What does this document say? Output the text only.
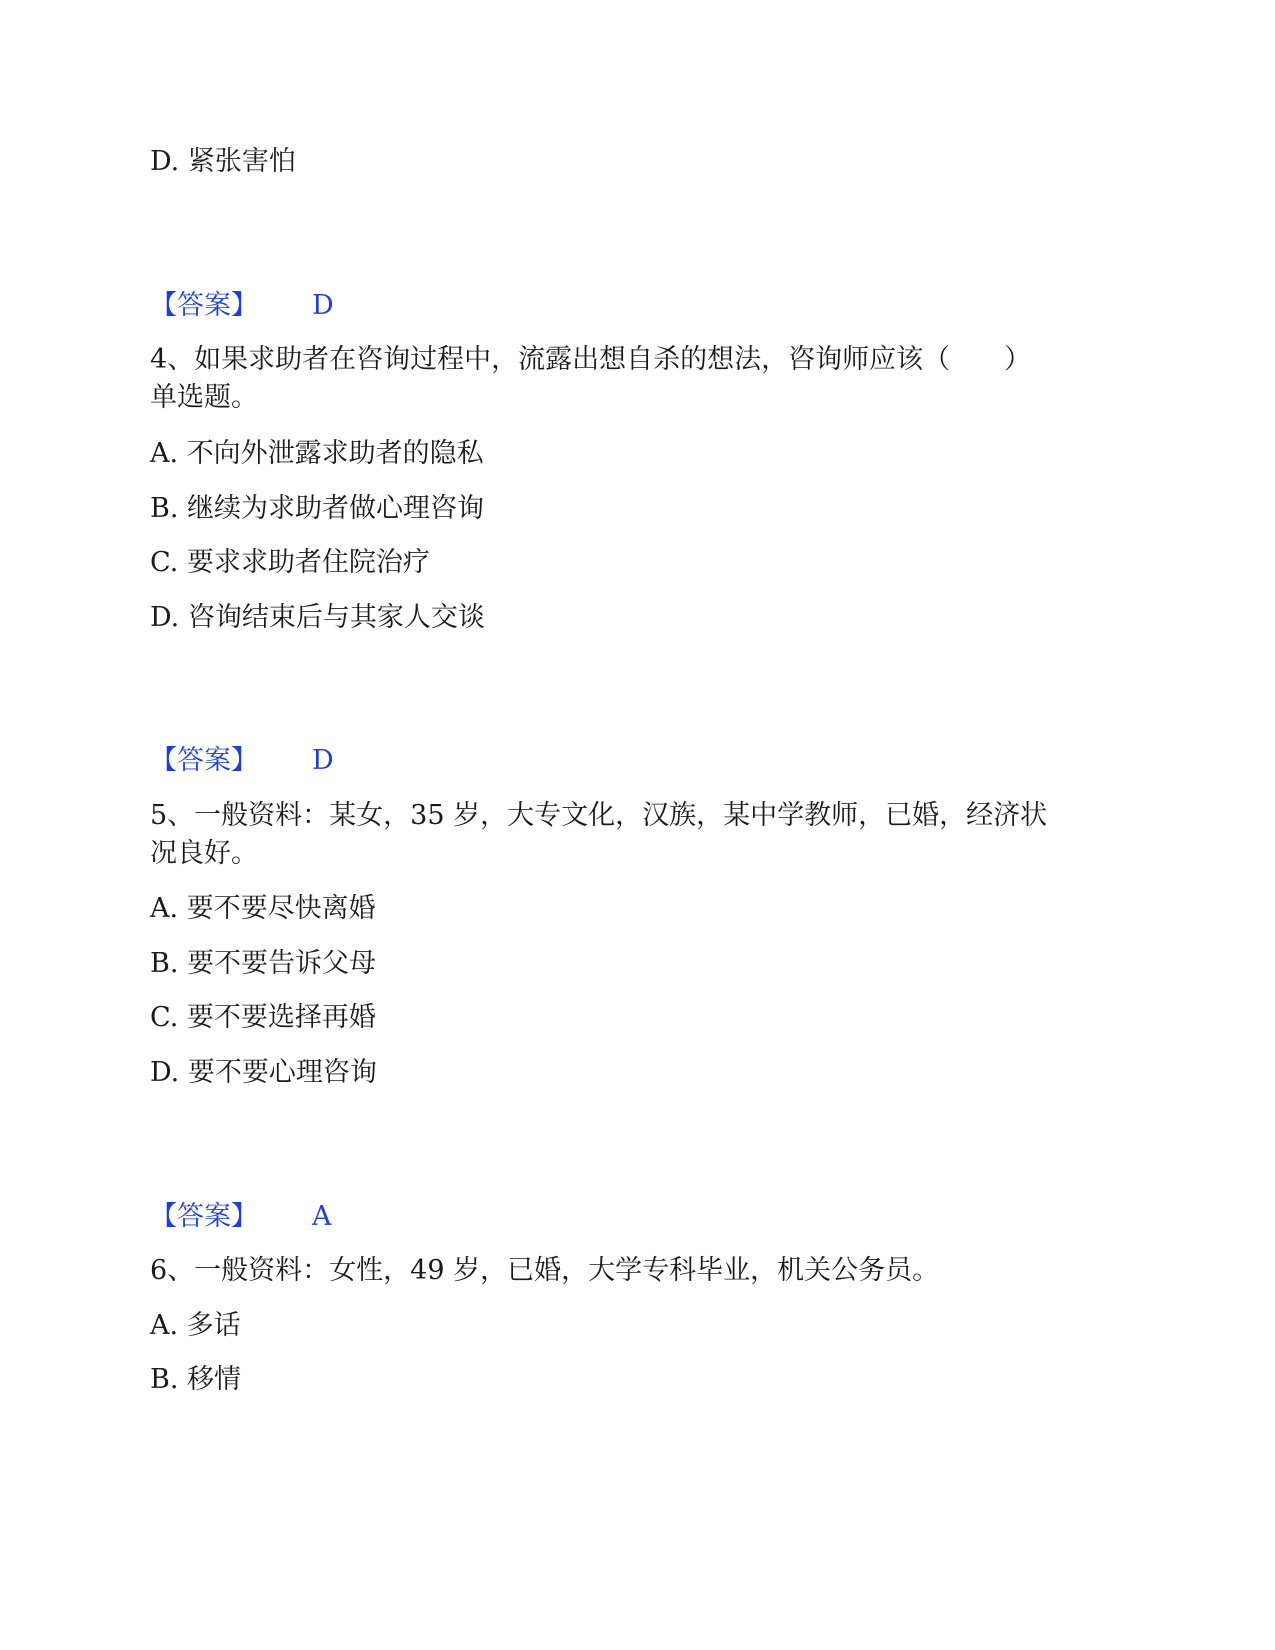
D. 紧张害怕
【答案】 D
4、如果求助者在咨询过程中，流露出想自杀的想法，咨询师应该（　　）
单选题。
A. 不向外泄露求助者的隐私
B. 继续为求助者做心理咨询
C. 要求求助者住院治疗
D. 咨询结束后与其家人交谈
【答案】 D
5、一般资料：某女，35 岁，大专文化，汉族，某中学教师，已婚，经济状
况良好。
A. 要不要尽快离婚
B. 要不要告诉父母
C. 要不要选择再婚
D. 要不要心理咨询
【答案】 A
6、一般资料：女性，49 岁，已婚，大学专科毕业，机关公务员。
A. 多话
B. 移情
